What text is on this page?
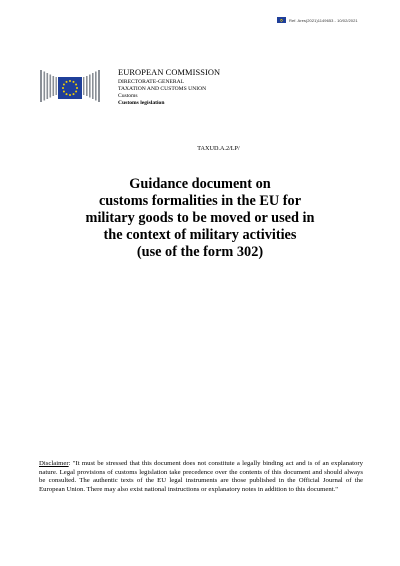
Ref. Ares(2021)1149653 - 10/02/2021
EUROPEAN COMMISSION
DIRECTORATE-GENERAL
TAXATION AND CUSTOMS UNION
Customs
Customs legislation
TAXUD.A.2/LP/
Guidance document on
customs formalities in the EU for
military goods to be moved or used in
the context of military activities
(use of the form 302)
Disclaimer: "It must be stressed that this document does not constitute a legally binding act and is of an explanatory nature. Legal provisions of customs legislation take precedence over the contents of this document and should always be consulted. The authentic texts of the EU legal instruments are those published in the Official Journal of the European Union. There may also exist national instructions or explanatory notes in addition to this document."
